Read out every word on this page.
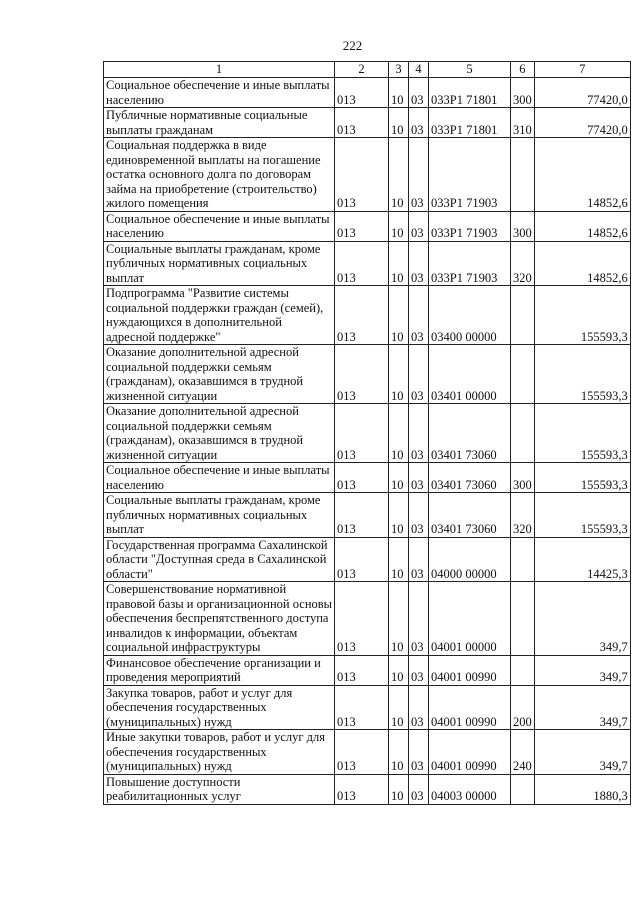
222
1	2	3	4	5	6	7
Социальное обеспечение и иные выплаты населению	013	10	03	033Р1 71801	300	77420,0
Публичные нормативные социальные выплаты гражданам	013	10	03	033Р1 71801	310	77420,0
Социальная поддержка в виде единовременной выплаты на погашение остатка основного долга по договорам займа на приобретение (строительство) жилого помещения	013	10	03	033Р1 71903		14852,6
Социальное обеспечение и иные выплаты населению	013	10	03	033Р1 71903	300	14852,6
Социальные выплаты гражданам, кроме публичных нормативных социальных выплат	013	10	03	033Р1 71903	320	14852,6
Подпрограмма "Развитие системы социальной поддержки граждан (семей), нуждающихся в дополнительной адресной поддержке"	013	10	03	03400 00000		155593,3
Оказание дополнительной адресной социальной поддержки семьям (гражданам), оказавшимся в трудной жизненной ситуации	013	10	03	03401 00000		155593,3
Оказание дополнительной адресной социальной поддержки семьям (гражданам), оказавшимся в трудной жизненной ситуации	013	10	03	03401 73060		155593,3
Социальное обеспечение и иные выплаты населению	013	10	03	03401 73060	300	155593,3
Социальные выплаты гражданам, кроме публичных нормативных социальных выплат	013	10	03	03401 73060	320	155593,3
Государственная программа Сахалинской области "Доступная среда в Сахалинской области"	013	10	03	04000 00000		14425,3
Совершенствование нормативной правовой базы и организационной основы обеспечения беспрепятственного доступа инвалидов к информации, объектам социальной инфраструктуры	013	10	03	04001 00000		349,7
Финансовое обеспечение организации и проведения мероприятий	013	10	03	04001 00990		349,7
Закупка товаров, работ и услуг для обеспечения государственных (муниципальных) нужд	013	10	03	04001 00990	200	349,7
Иные закупки товаров, работ и услуг для обеспечения государственных (муниципальных) нужд	013	10	03	04001 00990	240	349,7
Повышение доступности реабилитационных услуг	013	10	03	04003 00000		1880,3
